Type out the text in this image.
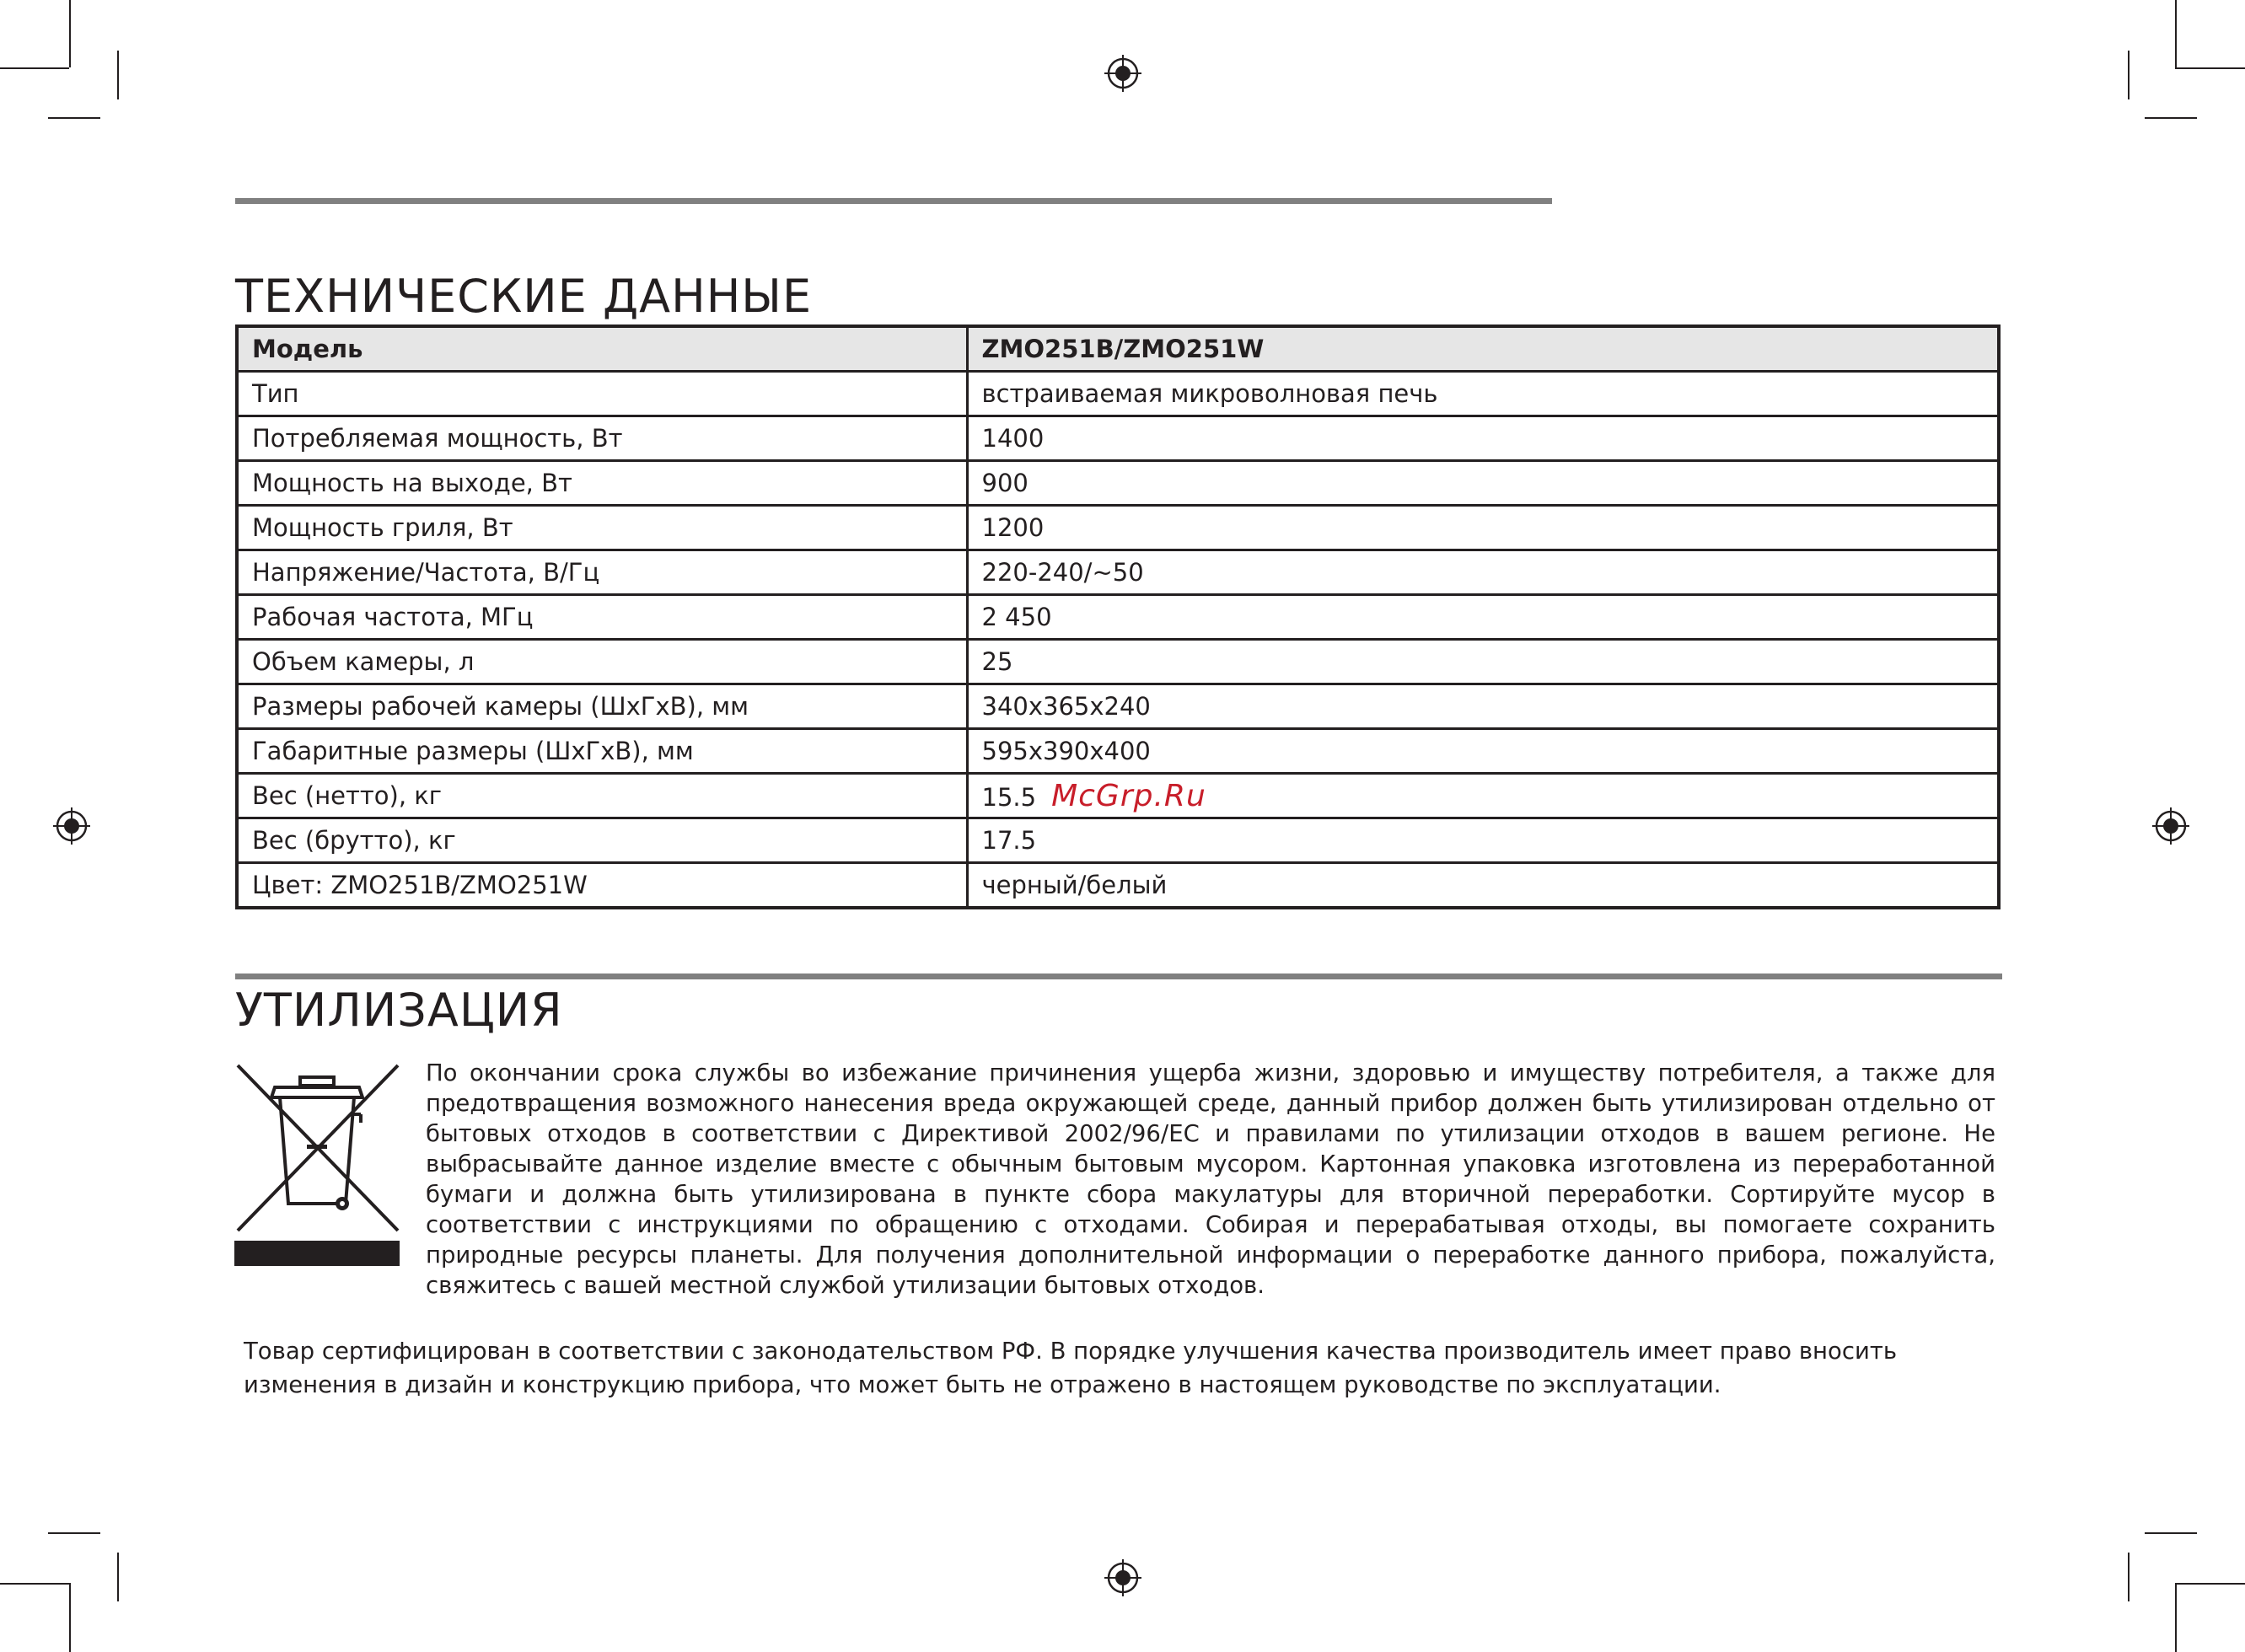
ТЕХНИЧЕСКИЕ ДАННЫЕ
Модель	ZMO251B/ZMO251W
Тип	встраиваемая микроволновая печь
Потребляемая мощность, Вт	1400
Мощность на выходе, Вт	900
Мощность гриля, Вт	1200
Напряжение/Частота, В/Гц	220-240/~50
Рабочая частота, МГц	2 450
Объем камеры, л	25
Размеры рабочей камеры (ШхГхВ), мм	340x365x240
Габаритные размеры (ШхГхВ), мм	595x390x400
Вес (нетто), кг	15.5 McGrp.Ru
Вес (брутто), кг	17.5
Цвет: ZMO251B/ZMO251W	черный/белый
УТИЛИЗАЦИЯ

По окончании срока службы во избежание причинения ущерба жизни, здоровью и имуществу потребителя, а также для предотвращения возможного нанесения вреда окружающей среде, данный прибор должен быть утилизирован отдельно от бытовых отходов в соответствии с Директивой 2002/96/ЕС и правилами по утилизации отходов в вашем регионе. Не выбрасывайте данное изделие вместе с обычным бытовым мусором. Картонная упаковка изготовлена из переработанной бумаги и должна быть утилизирована в пункте сбора макулатуры для вторичной переработки. Сортируйте мусор в соответствии с инструкциями по обращению с отходами. Собирая и перерабатывая отходы, вы помогаете сохранить природные ресурсы планеты. Для получения дополнительной информации о переработке данного прибора, пожалуйста, свяжитесь с вашей местной службой утилизации бытовых отходов.

Товар сертифицирован в соответствии с законодательством РФ. В порядке улучшения качества производитель имеет право вносить изменения в дизайн и конструкцию прибора, что может быть не отражено в настоящем руководстве по эксплуатации.
